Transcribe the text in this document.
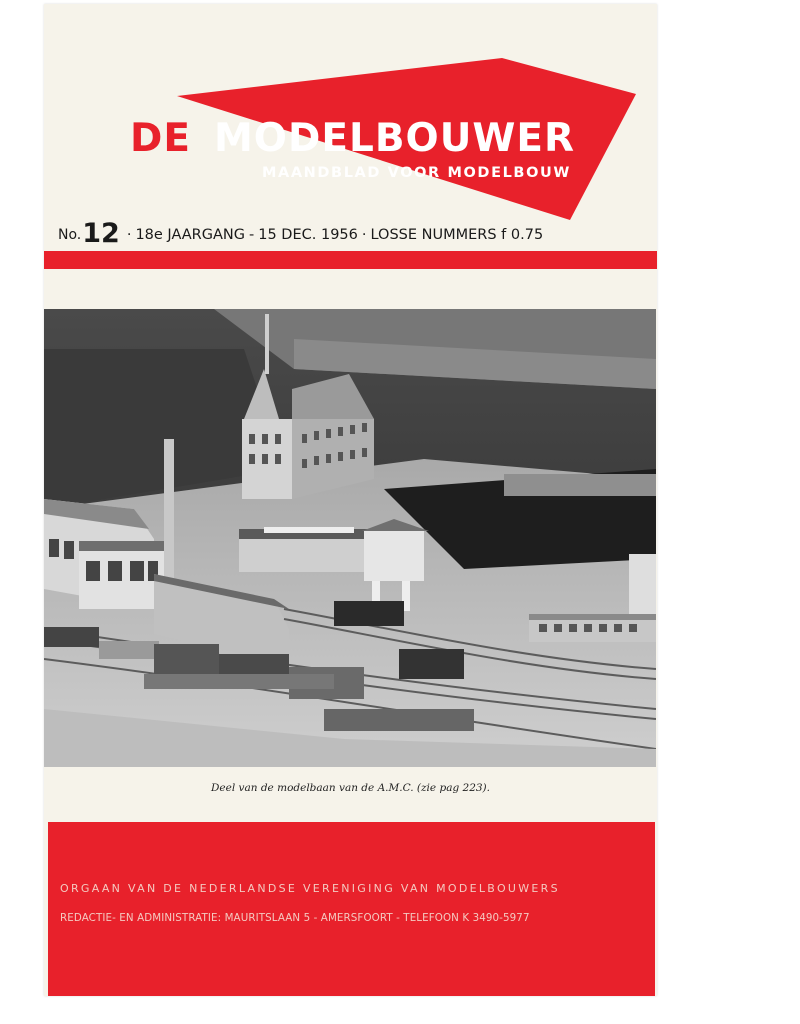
DE MODELBOUWER
MAANDBLAD VOOR MODELBOUW
No.12 · 18e JAARGANG - 15 DEC. 1956 · LOSSE NUMMERS f 0.75
Deel van de modelbaan van de A.M.C. (zie pag 223).
ORGAAN VAN DE NEDERLANDSE VERENIGING VAN MODELBOUWERS
REDACTIE- EN ADMINISTRATIE: MAURITSLAAN 5 - AMERSFOORT - TELEFOON K 3490-5977
